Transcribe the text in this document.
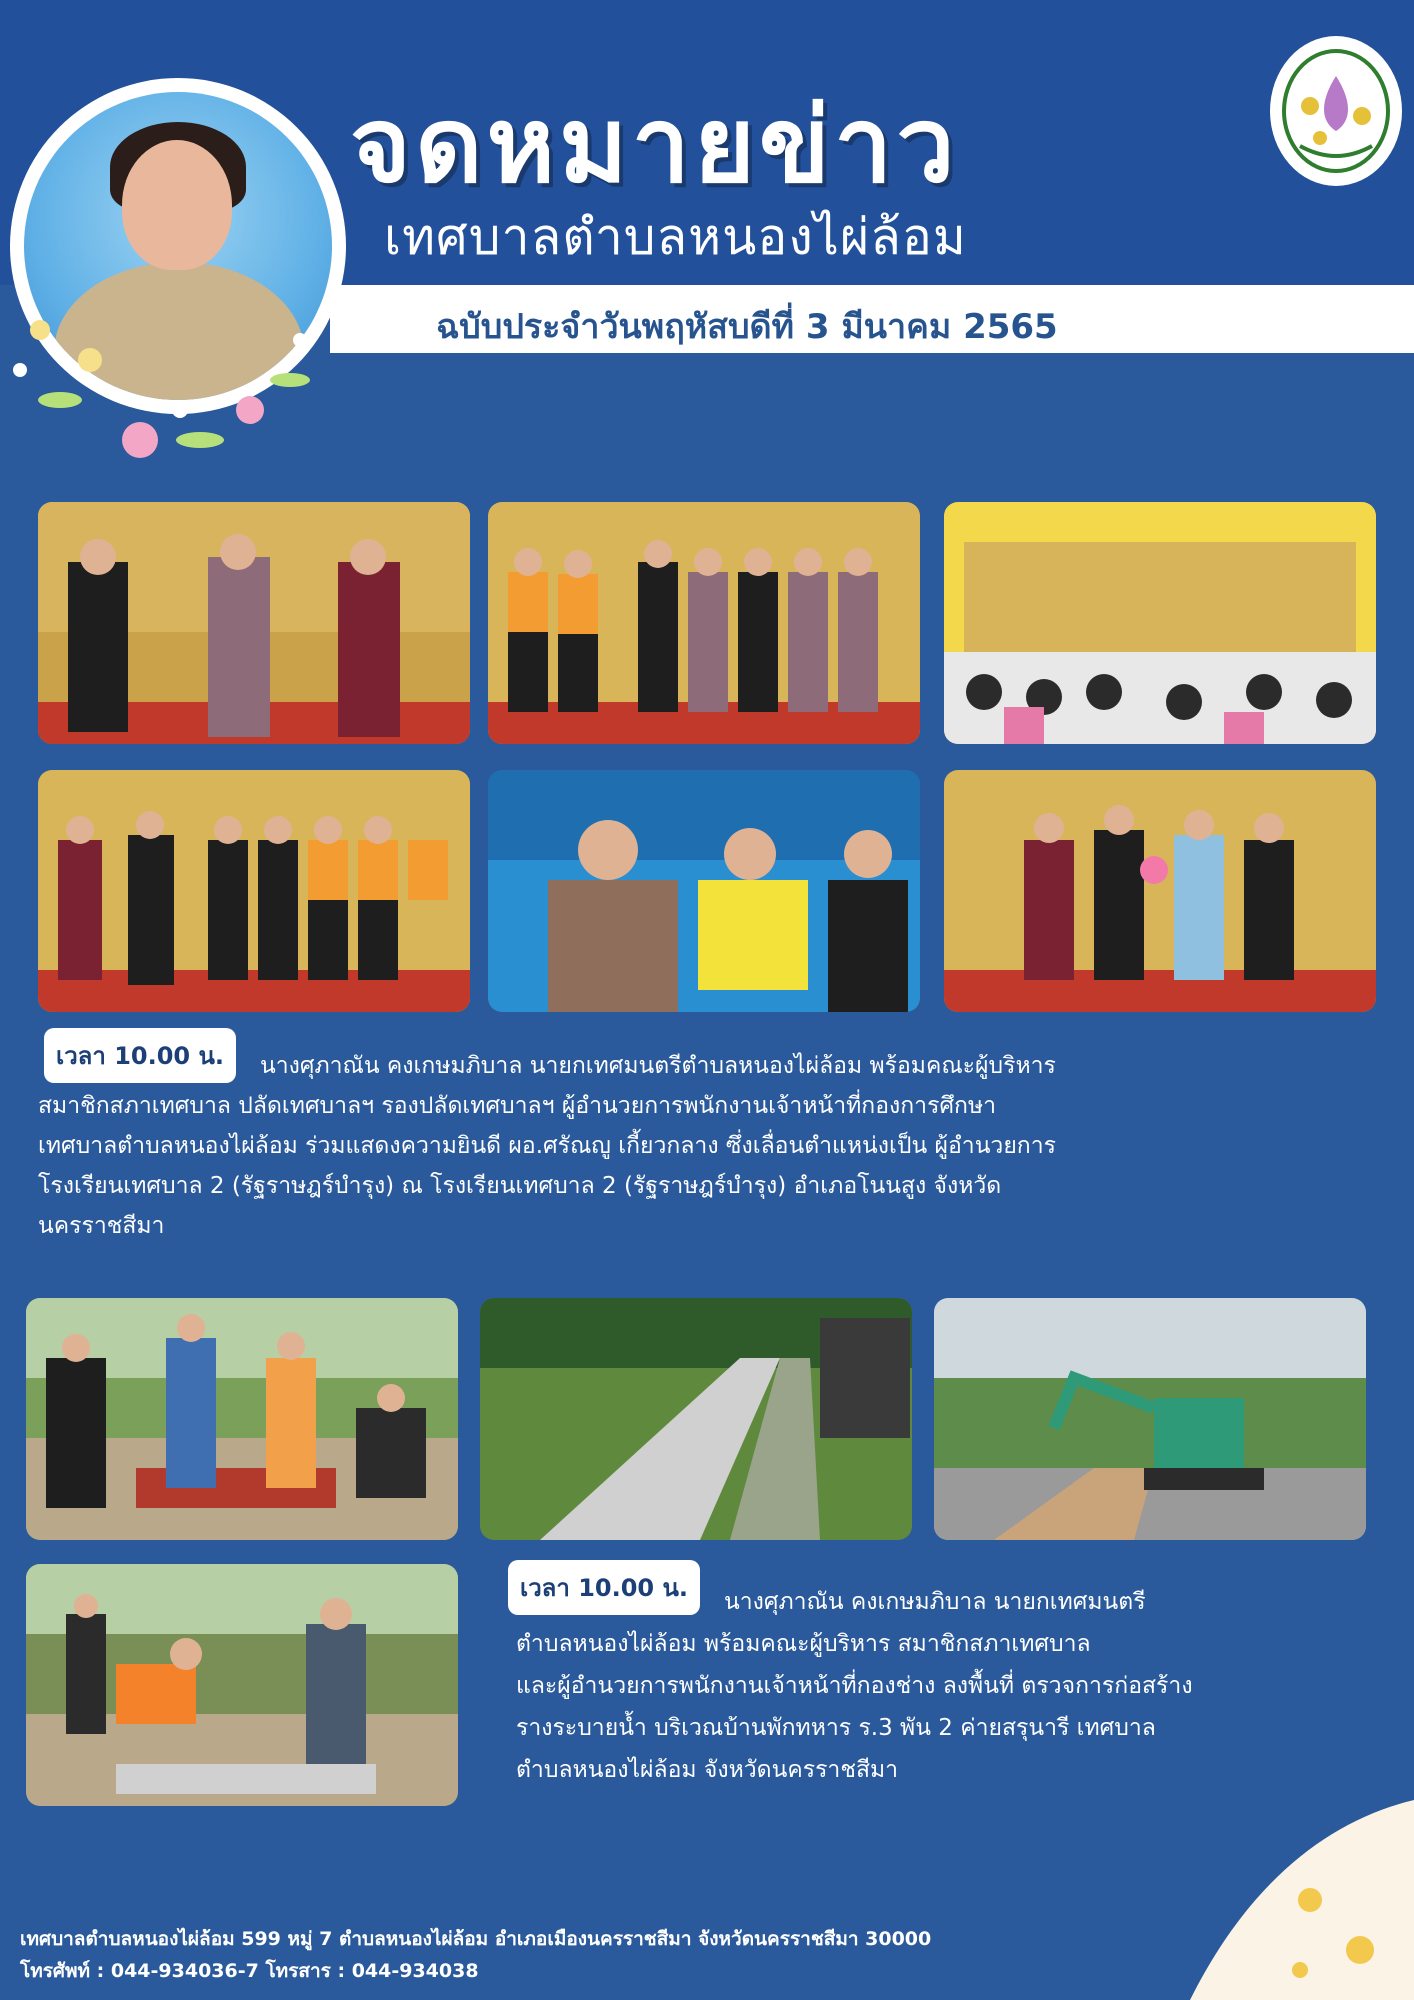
ฉบับประจำวันพฤหัสบดีที่ 3 มีนาคม 2565
จดหมายข่าว
เทศบาลตำบลหนองไผ่ล้อม
เวลา 10.00 น.	นางศุภาณัน คงเกษมภิบาล นายกเทศมนตรีตำบลหนองไผ่ล้อม พร้อมคณะผู้บริหาร

สมาชิกสภาเทศบาล ปลัดเทศบาลฯ รองปลัดเทศบาลฯ ผู้อำนวยการพนักงานเจ้าหน้าที่กองการศึกษา

เทศบาลตำบลหนองไผ่ล้อม ร่วมแสดงความยินดี ผอ.ศรัณญู เกี้ยวกลาง ซึ่งเลื่อนตำแหน่งเป็น ผู้อำนวยการ

โรงเรียนเทศบาล 2 (รัฐราษฎร์บำรุง) ณ โรงเรียนเทศบาล 2 (รัฐราษฎร์บำรุง) อำเภอโนนสูง จังหวัด

นครราชสีมา

เวลา 10.00 น.	นางศุภาณัน คงเกษมภิบาล นายกเทศมนตรี

ตำบลหนองไผ่ล้อม พร้อมคณะผู้บริหาร สมาชิกสภาเทศบาล

และผู้อำนวยการพนักงานเจ้าหน้าที่กองช่าง ลงพื้นที่ ตรวจการก่อสร้าง

รางระบายน้ำ บริเวณบ้านพักทหาร ร.3 พัน 2 ค่ายสรุนารี เทศบาล

ตำบลหนองไผ่ล้อม จังหวัดนครราชสีมา

เทศบาลตำบลหนองไผ่ล้อม 599 หมู่ 7 ตำบลหนองไผ่ล้อม อำเภอเมืองนครราชสีมา จังหวัดนครราชสีมา 30000
โทรศัพท์ : 044-934036-7 โทรสาร : 044-934038
